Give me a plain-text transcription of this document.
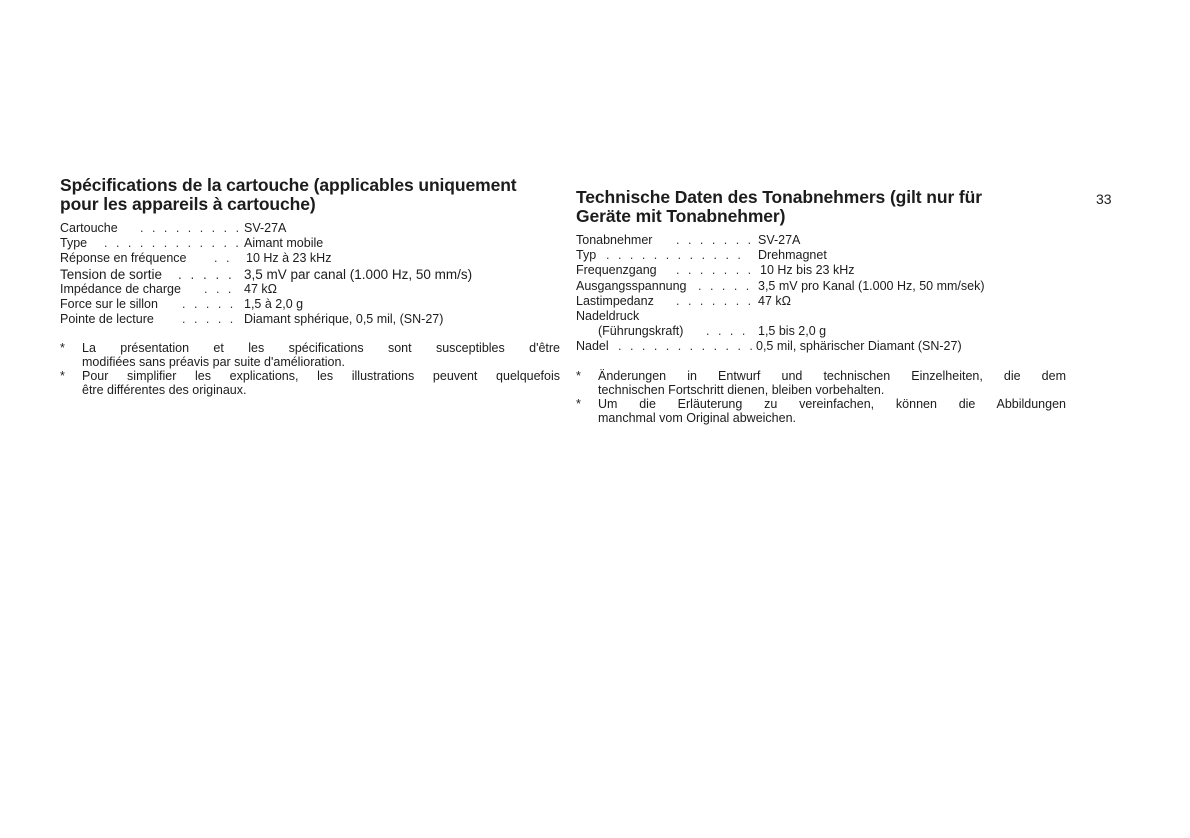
Spécifications de la cartouche (applicables uniquement
pour les appareils à cartouche)
Cartouche	. . . . . . . . . SV-27A
Type	. . . . . . . . . . . . Aimant mobile
Réponse en fréquence	. .	10 Hz à 23 kHz
Tension de sortie	. . . . . 3,5 mV par canal (1.000 Hz, 50 mm/s)
Impédance de charge	. . . 47 kΩ
Force sur le sillon	. . . . . 1,5 à 2,0 g
Pointe de lecture	. . . . . Diamant sphérique, 0,5 mil, (SN-27)
*	La présentation et les spécifications sont susceptibles d'être
modifiées sans préavis par suite d'amélioration.
*	Pour simplifier les explications, les illustrations peuvent quelquefois
être différentes des originaux.
Technische Daten des Tonabnehmers (gilt nur für
Geräte mit Tonabnehmer)
Tonabnehmer	. . . . . . . SV-27A
Typ . . . . . . . . . . . .	Drehmagnet
Frequenzgang	. . . . . . . 10 Hz bis 23 kHz
Ausgangsspannung . . . . . 3,5 mV pro Kanal (1.000 Hz, 50 mm/sek)
Lastimpedanz	. . . . . . . 47 kΩ
Nadeldruck
(Führungskraft)	. . . . 1,5 bis 2,0 g
Nadel . . . . . . . . . . . . 0,5 mil, sphärischer Diamant (SN-27)
*	Änderungen in Entwurf und technischen Einzelheiten, die dem
technischen Fortschritt dienen, bleiben vorbehalten.
*	Um die Erläuterung zu vereinfachen, können die Abbildungen
manchmal vom Original abweichen.
33
